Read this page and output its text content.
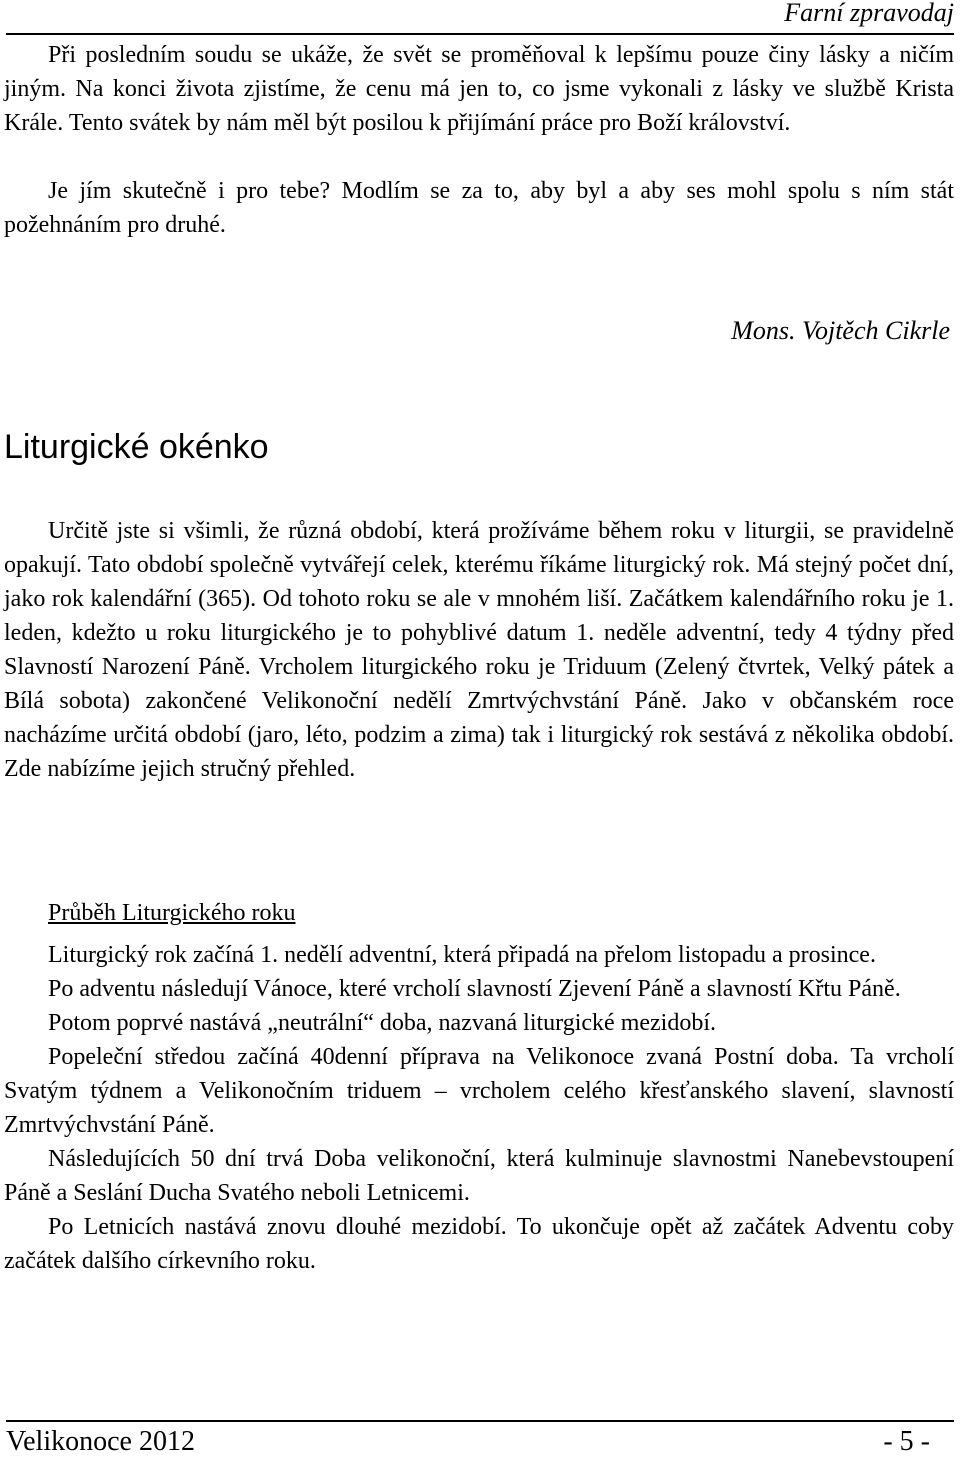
Farní zpravodaj

Při posledním soudu se ukáže, že svět se proměňoval k lepšímu pouze činy lásky a ničím jiným. Na konci života zjistíme, že cenu má jen to, co jsme vykonali z lásky ve službě Krista Krále. Tento svátek by nám měl být posilou k přijímání práce pro Boží království.

Je jím skutečně i pro tebe? Modlím se za to, aby byl a aby ses mohl spolu s ním stát požehnáním pro druhé.

Mons. Vojtěch Cikrle
Liturgické okénko

Určitě jste si všimli, že různá období, která prožíváme během roku v liturgii, se pravidelně opakují. Tato období společně vytvářejí celek, kterému říkáme liturgický rok. Má stejný počet dní, jako rok kalendářní (365). Od tohoto roku se ale v mnohém liší. Začátkem kalendářního roku je 1. leden, kdežto u roku liturgického je to pohyblivé datum 1. neděle adventní, tedy 4 týdny před Slavností Narození Páně. Vrcholem liturgického roku je Triduum (Zelený čtvrtek, Velký pátek a Bílá sobota) zakončené Velikonoční nedělí Zmrtvýchvstání Páně. Jako v občanském roce nacházíme určitá období (jaro, léto, podzim a zima) tak i liturgický rok sestává z několika období. Zde nabízíme jejich stručný přehled.

Průběh Liturgického roku

Liturgický rok začíná 1. nedělí adventní, která připadá na přelom listopadu a prosince.

Po adventu následují Vánoce, které vrcholí slavností Zjevení Páně a slavností Křtu Páně.

Potom poprvé nastává „neutrální“ doba, nazvaná liturgické mezidobí.

Popeleční středou začíná 40denní příprava na Velikonoce zvaná Postní doba. Ta vrcholí Svatým týdnem a Velikonočním triduem – vrcholem celého křesťanského slavení, slavností Zmrtvýchvstání Páně.

Následujících 50 dní trvá Doba velikonoční, která kulminuje slavnostmi Nanebevstoupení Páně a Seslání Ducha Svatého neboli Letnicemi.

Po Letnicích nastává znovu dlouhé mezidobí. To ukončuje opět až začátek Adventu coby začátek dalšího církevního roku.

Velikonoce 2012	- 5 -
